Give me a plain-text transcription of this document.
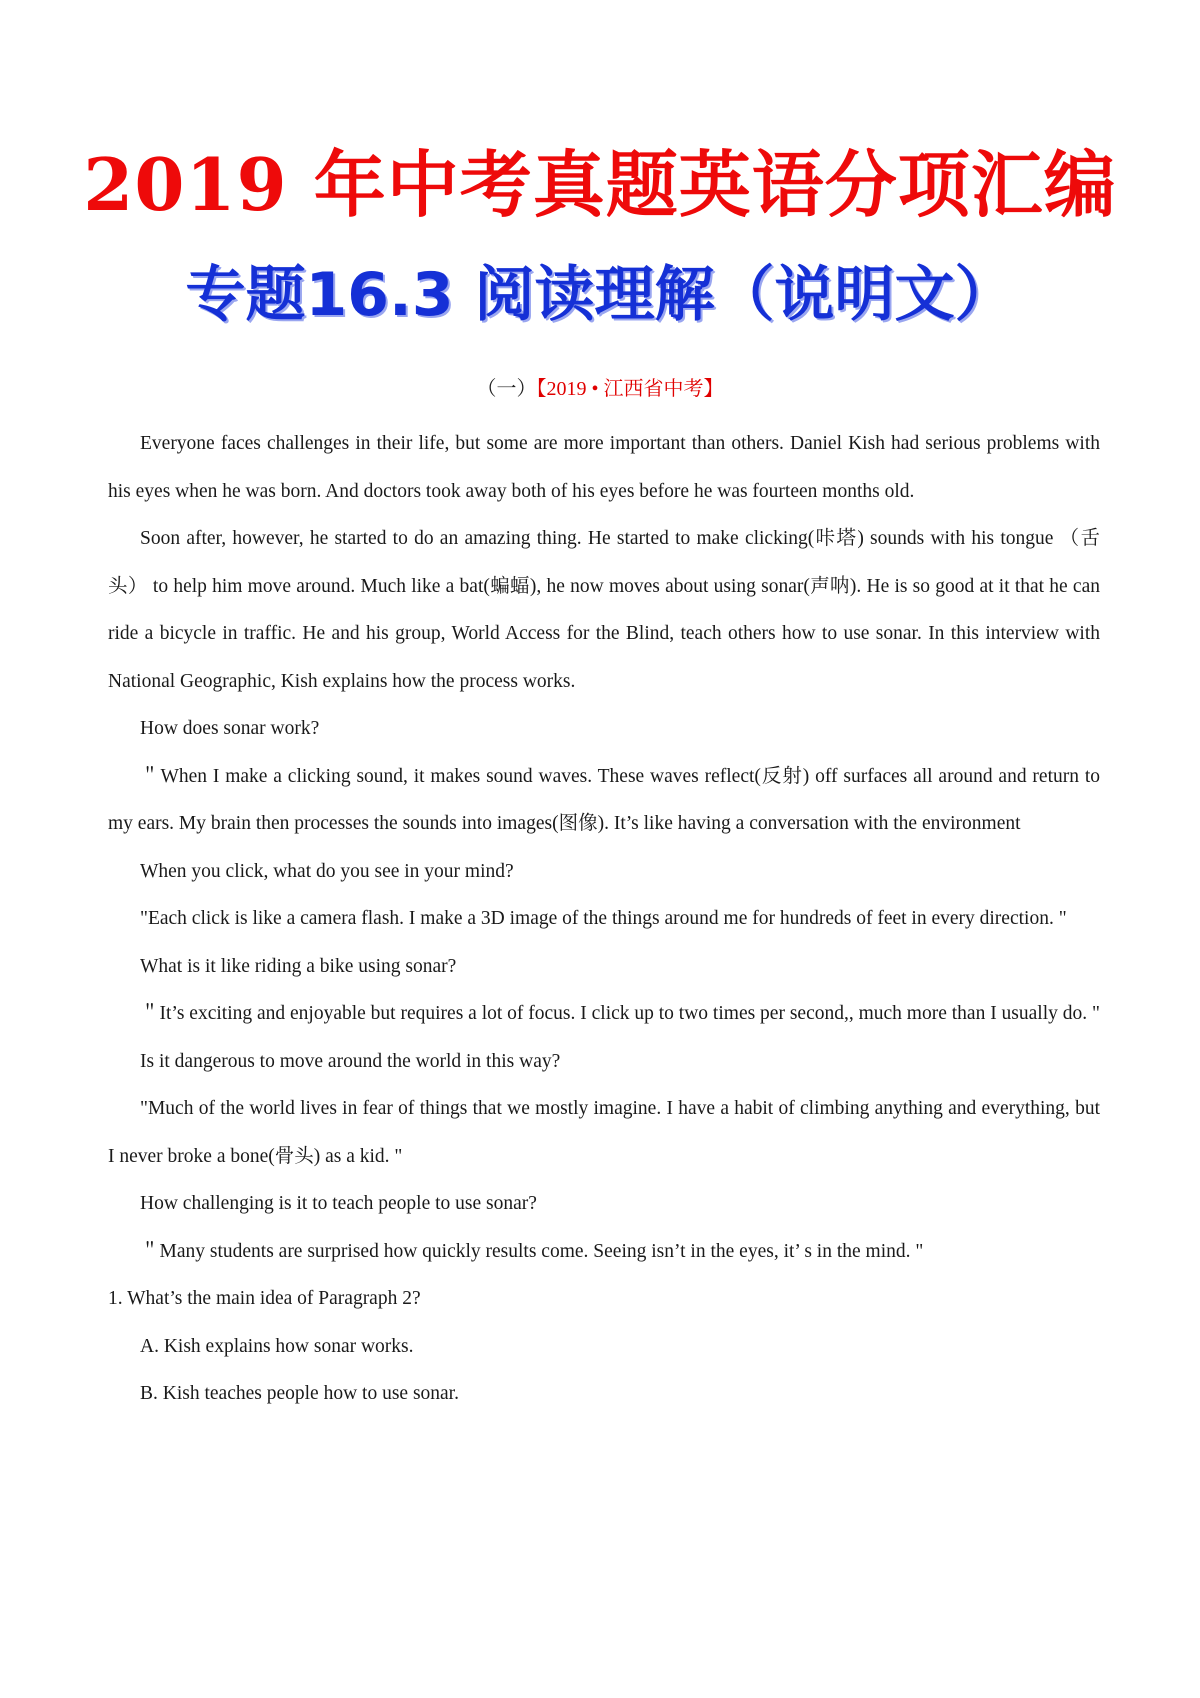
2019 年中考真题英语分项汇编
专题16.3 阅读理解（说明文）
（一）【2019 • 江西省中考】

Everyone faces challenges in their life, but some are more important than others. Daniel Kish had serious problems with his eyes when he was born. And doctors took away both of his eyes before he was fourteen months old.

Soon after, however, he started to do an amazing thing. He started to make clicking(咔塔) sounds with his tongue （舌头） to help him move around. Much like a bat(蝙蝠), he now moves about using sonar(声呐). He is so good at it that he can ride a bicycle in traffic. He and his group, World Access for the Blind, teach others how to use sonar. In this interview with National Geographic, Kish explains how the process works.

How does sonar work?

＂When I make a clicking sound, it makes sound waves. These waves reflect(反射) off surfaces all around and return to my ears. My brain then processes the sounds into images(图像). It’s like having a conversation with the environment

When you click, what do you see in your mind?

"Each click is like a camera flash. I make a 3D image of the things around me for hundreds of feet in every direction. "

What is it like riding a bike using sonar?

＂It’s exciting and enjoyable but requires a lot of focus. I click up to two times per second,, much more than I usually do. "

Is it dangerous to move around the world in this way?

"Much of the world lives in fear of things that we mostly imagine. I have a habit of climbing anything and everything, but I never broke a bone(骨头) as a kid. "

How challenging is it to teach people to use sonar?

＂Many students are surprised how quickly results come. Seeing isn’t in the eyes, it’ s in the mind. "

1. What’s the main idea of Paragraph 2?

A. Kish explains how sonar works.

B. Kish teaches people how to use sonar.
